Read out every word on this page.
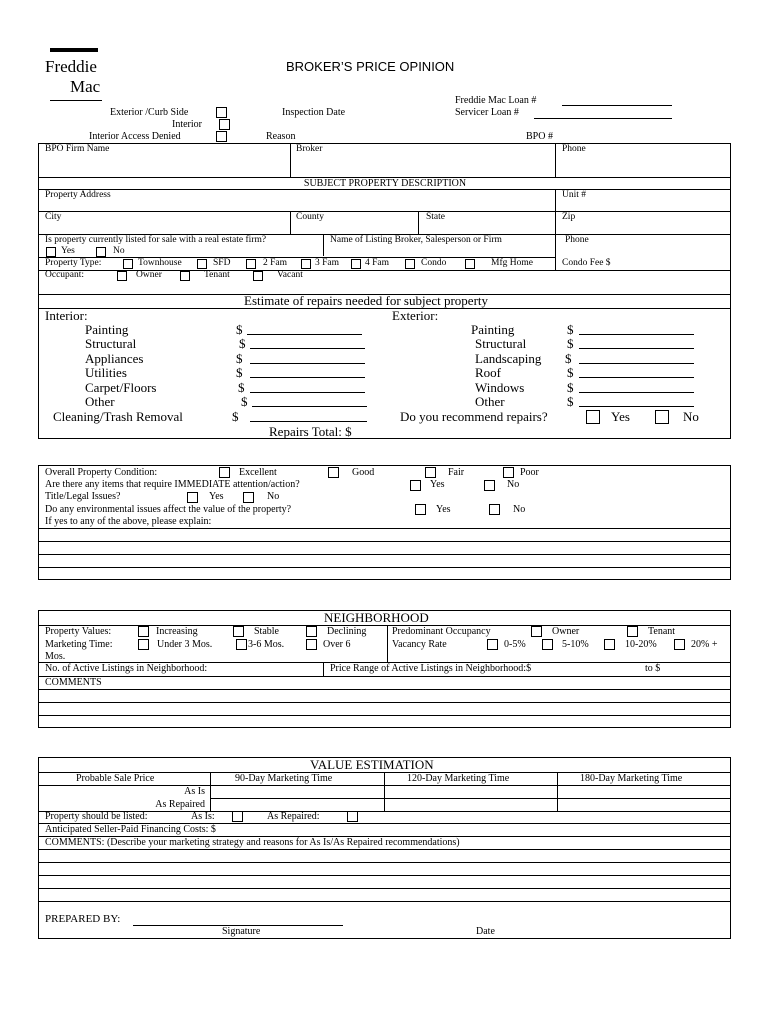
Freddie
Mac
BROKER’S PRICE OPINION
Freddie Mac Loan #
Servicer Loan #
Exterior /Curb Side
Interior
Interior Access Denied
Inspection Date
Reason	BPO #
BPO Firm Name	Broker	Phone
SUBJECT PROPERTY DESCRIPTION
Property Address	Unit #
City	County	State	Zip
Is property currently listed for sale with a real estate firm?	Name of Listing Broker, Salesperson or Firm	Phone
Yes	No
Property Type:	Townhouse	SFD	2 Fam	3 Fam	4 Fam	Condo	Mfg Home	Condo Fee $
Occupant:	Owner	Tenant	Vacant
Estimate of repairs needed for subject property
Interior:	Exterior:
Painting	$
Structural	$
Appliances	$
Utilities	$
Carpet/Floors	$
Other	$
Cleaning/Trash Removal	$
Repairs Total: $
Painting	$
Structural	$
Landscaping $
Roof	$
Windows	$
Other	$
Do you recommend repairs?	Yes	No
Overall Property Condition:	Excellent	Good	Fair	Poor
Are there any items that require IMMEDIATE attention/action?	Yes	No
Title/Legal Issues?	Yes	No
Do any environmental issues affect the value of the property?	Yes	No
If yes to any of the above, please explain:
NEIGHBORHOOD
Property Values:	Increasing	Stable	Declining	Predominant Occupancy	Owner	Tenant
Marketing Time:	Under 3 Mos.	3-6 Mos.	Over 6
Mos.
Vacancy Rate	0-5%	5-10%	10-20%	20% +
No. of Active Listings in Neighborhood:	Price Range of Active Listings in Neighborhood:$	to $
COMMENTS
VALUE ESTIMATION
Probable Sale Price	90-Day Marketing Time	120-Day Marketing Time	180-Day Marketing Time
As Is
As Repaired
Property should be listed:	As Is:	As Repaired:
Anticipated Seller-Paid Financing Costs: $
COMMENTS: (Describe your marketing strategy and reasons for As Is/As Repaired recommendations)
PREPARED BY:
Signature	Date
